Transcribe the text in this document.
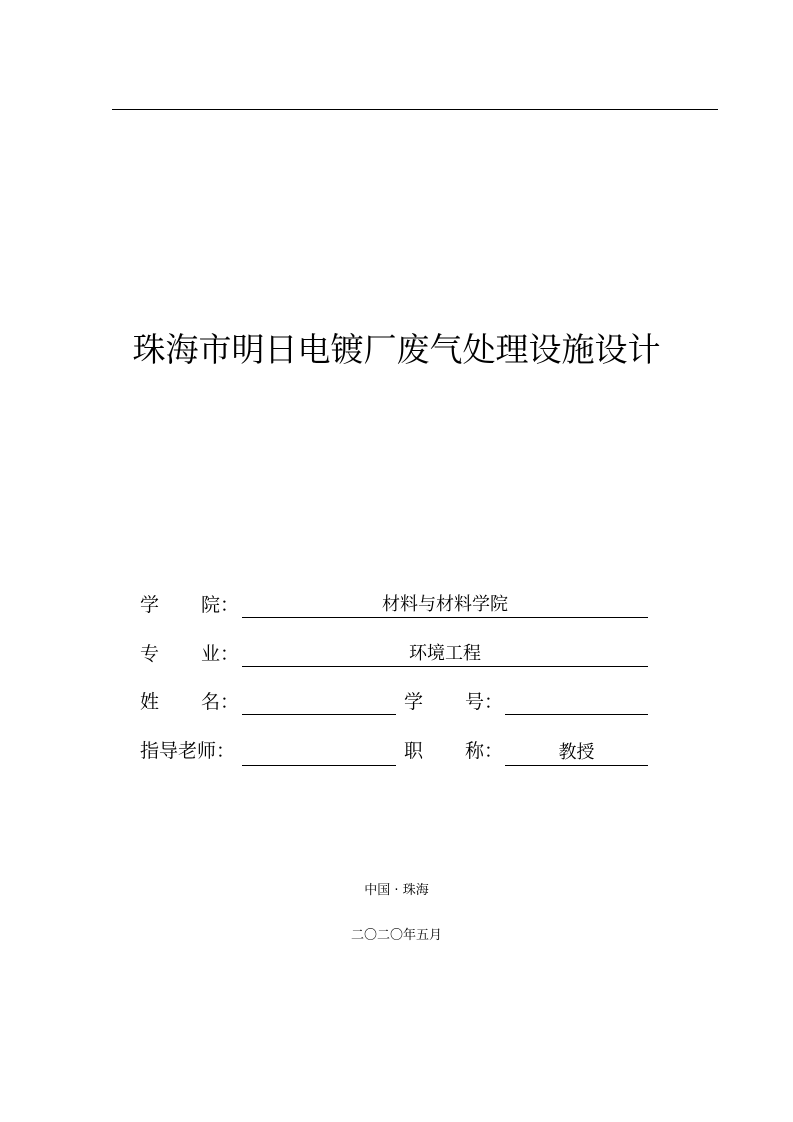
珠海市明日电镀厂废气处理设施设计
学 院：	材料与材料学院
专 业：	环境工程
姓 名：	学 号：
指导老师：	职 称：	教授
中国 · 珠海
二〇二〇年五月
